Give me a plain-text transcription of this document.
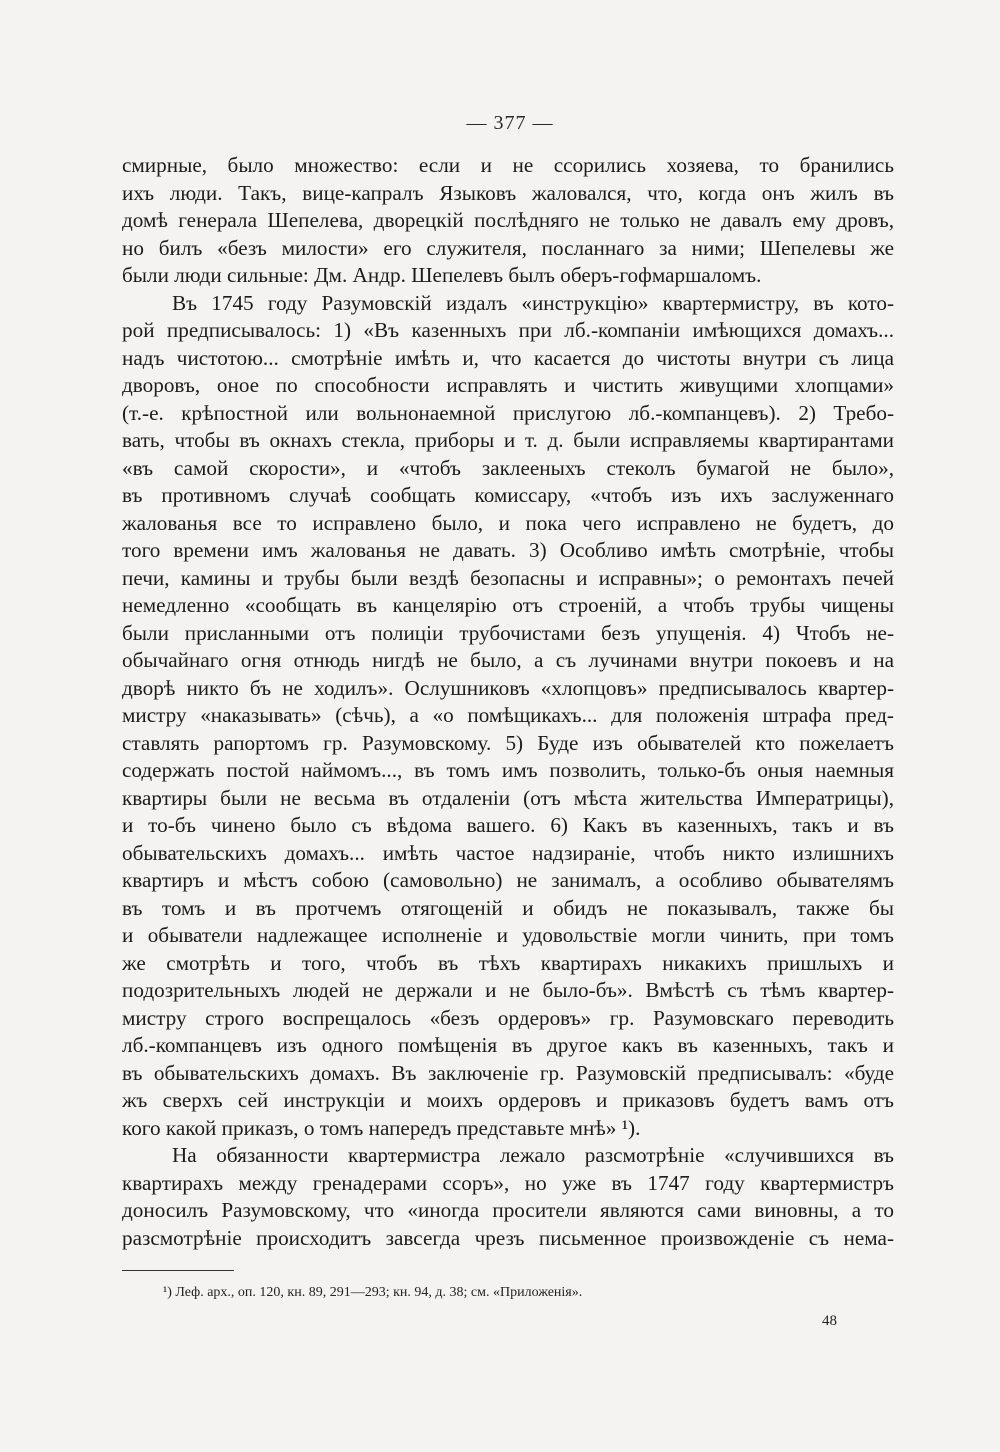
— 377 —
смирные, было множество: если и не ссорились хозяева, то бранились
ихъ люди. Такъ, вице-капралъ Языковъ жаловался, что, когда онъ жилъ въ
домѣ генерала Шепелева, дворецкій послѣдняго не только не давалъ ему дровъ,
но билъ «безъ милости» его служителя, посланнаго за ними; Шепелевы же
были люди сильные: Дм. Андр. Шепелевъ былъ оберъ-гофмаршаломъ.
Въ 1745 году Разумовскій издалъ «инструкцію» квартермистру, въ кото-
рой предписывалось: 1) «Въ казенныхъ при лб.-компаніи имѣющихся домахъ...
надъ чистотою... смотрѣніе имѣть и, что касается до чистоты внутри съ лица
дворовъ, оное по способности исправлять и чистить живущими хлопцами»
(т.-е. крѣпостной или вольнонаемной прислугою лб.-компанцевъ). 2) Требо-
вать, чтобы въ окнахъ стекла, приборы и т. д. были исправляемы квартирантами
«въ самой скорости», и «чтобъ заклееныхъ стеколъ бумагой не было»,
въ противномъ случаѣ сообщать комиссару, «чтобъ изъ ихъ заслуженнаго
жалованья все то исправлено было, и пока чего исправлено не будетъ, до
того времени имъ жалованья не давать. 3) Особливо имѣть смотрѣніе, чтобы
печи, камины и трубы были вездѣ безопасны и исправны»; о ремонтахъ печей
немедленно «сообщать въ канцелярію отъ строеній, а чтобъ трубы чищены
были присланными отъ полиціи трубочистами безъ упущенія. 4) Чтобъ не-
обычайнаго огня отнюдь нигдѣ не было, а съ лучинами внутри покоевъ и на
дворѣ никто бъ не ходилъ». Ослушниковъ «хлопцовъ» предписывалось квартер-
мистру «наказывать» (сѣчь), а «о помѣщикахъ... для положенія штрафа пред-
ставлять рапортомъ гр. Разумовскому. 5) Буде изъ обывателей кто пожелаетъ
содержать постой наймомъ..., въ томъ имъ позволить, только-бъ оныя наемныя
квартиры были не весьма въ отдаленіи (отъ мѣста жительства Императрицы),
и то-бъ чинено было съ вѣдома вашего. 6) Какъ въ казенныхъ, такъ и въ
обывательскихъ домахъ... имѣть частое надзираніе, чтобъ никто излишнихъ
квартиръ и мѣстъ собою (самовольно) не занималъ, а особливо обывателямъ
въ томъ и въ протчемъ отягощеній и обидъ не показывалъ, также бы
и обыватели надлежащее исполненіе и удовольствіе могли чинить, при томъ
же смотрѣть и того, чтобъ въ тѣхъ квартирахъ никакихъ пришлыхъ и
подозрительныхъ людей не держали и не было-бъ». Вмѣстѣ съ тѣмъ квартер-
мистру строго воспрещалось «безъ ордеровъ» гр. Разумовскаго переводить
лб.-компанцевъ изъ одного помѣщенія въ другое какъ въ казенныхъ, такъ и
въ обывательскихъ домахъ. Въ заключеніе гр. Разумовскій предписывалъ: «буде
жъ сверхъ сей инструкціи и моихъ ордеровъ и приказовъ будетъ вамъ отъ
кого какой приказъ, о томъ напередъ представьте мнѣ» ¹).
На обязанности квартермистра лежало разсмотрѣніе «случившихся въ
квартирахъ между гренадерами ссоръ», но уже въ 1747 году квартермистръ
доносилъ Разумовскому, что «иногда просители являются сами виновны, а то
разсмотрѣніе происходитъ завсегда чрезъ письменное произвожденіе съ нема-
¹) Леф. арх., оп. 120, кн. 89, 291—293; кн. 94, д. 38; см. «Приложенія».
48
